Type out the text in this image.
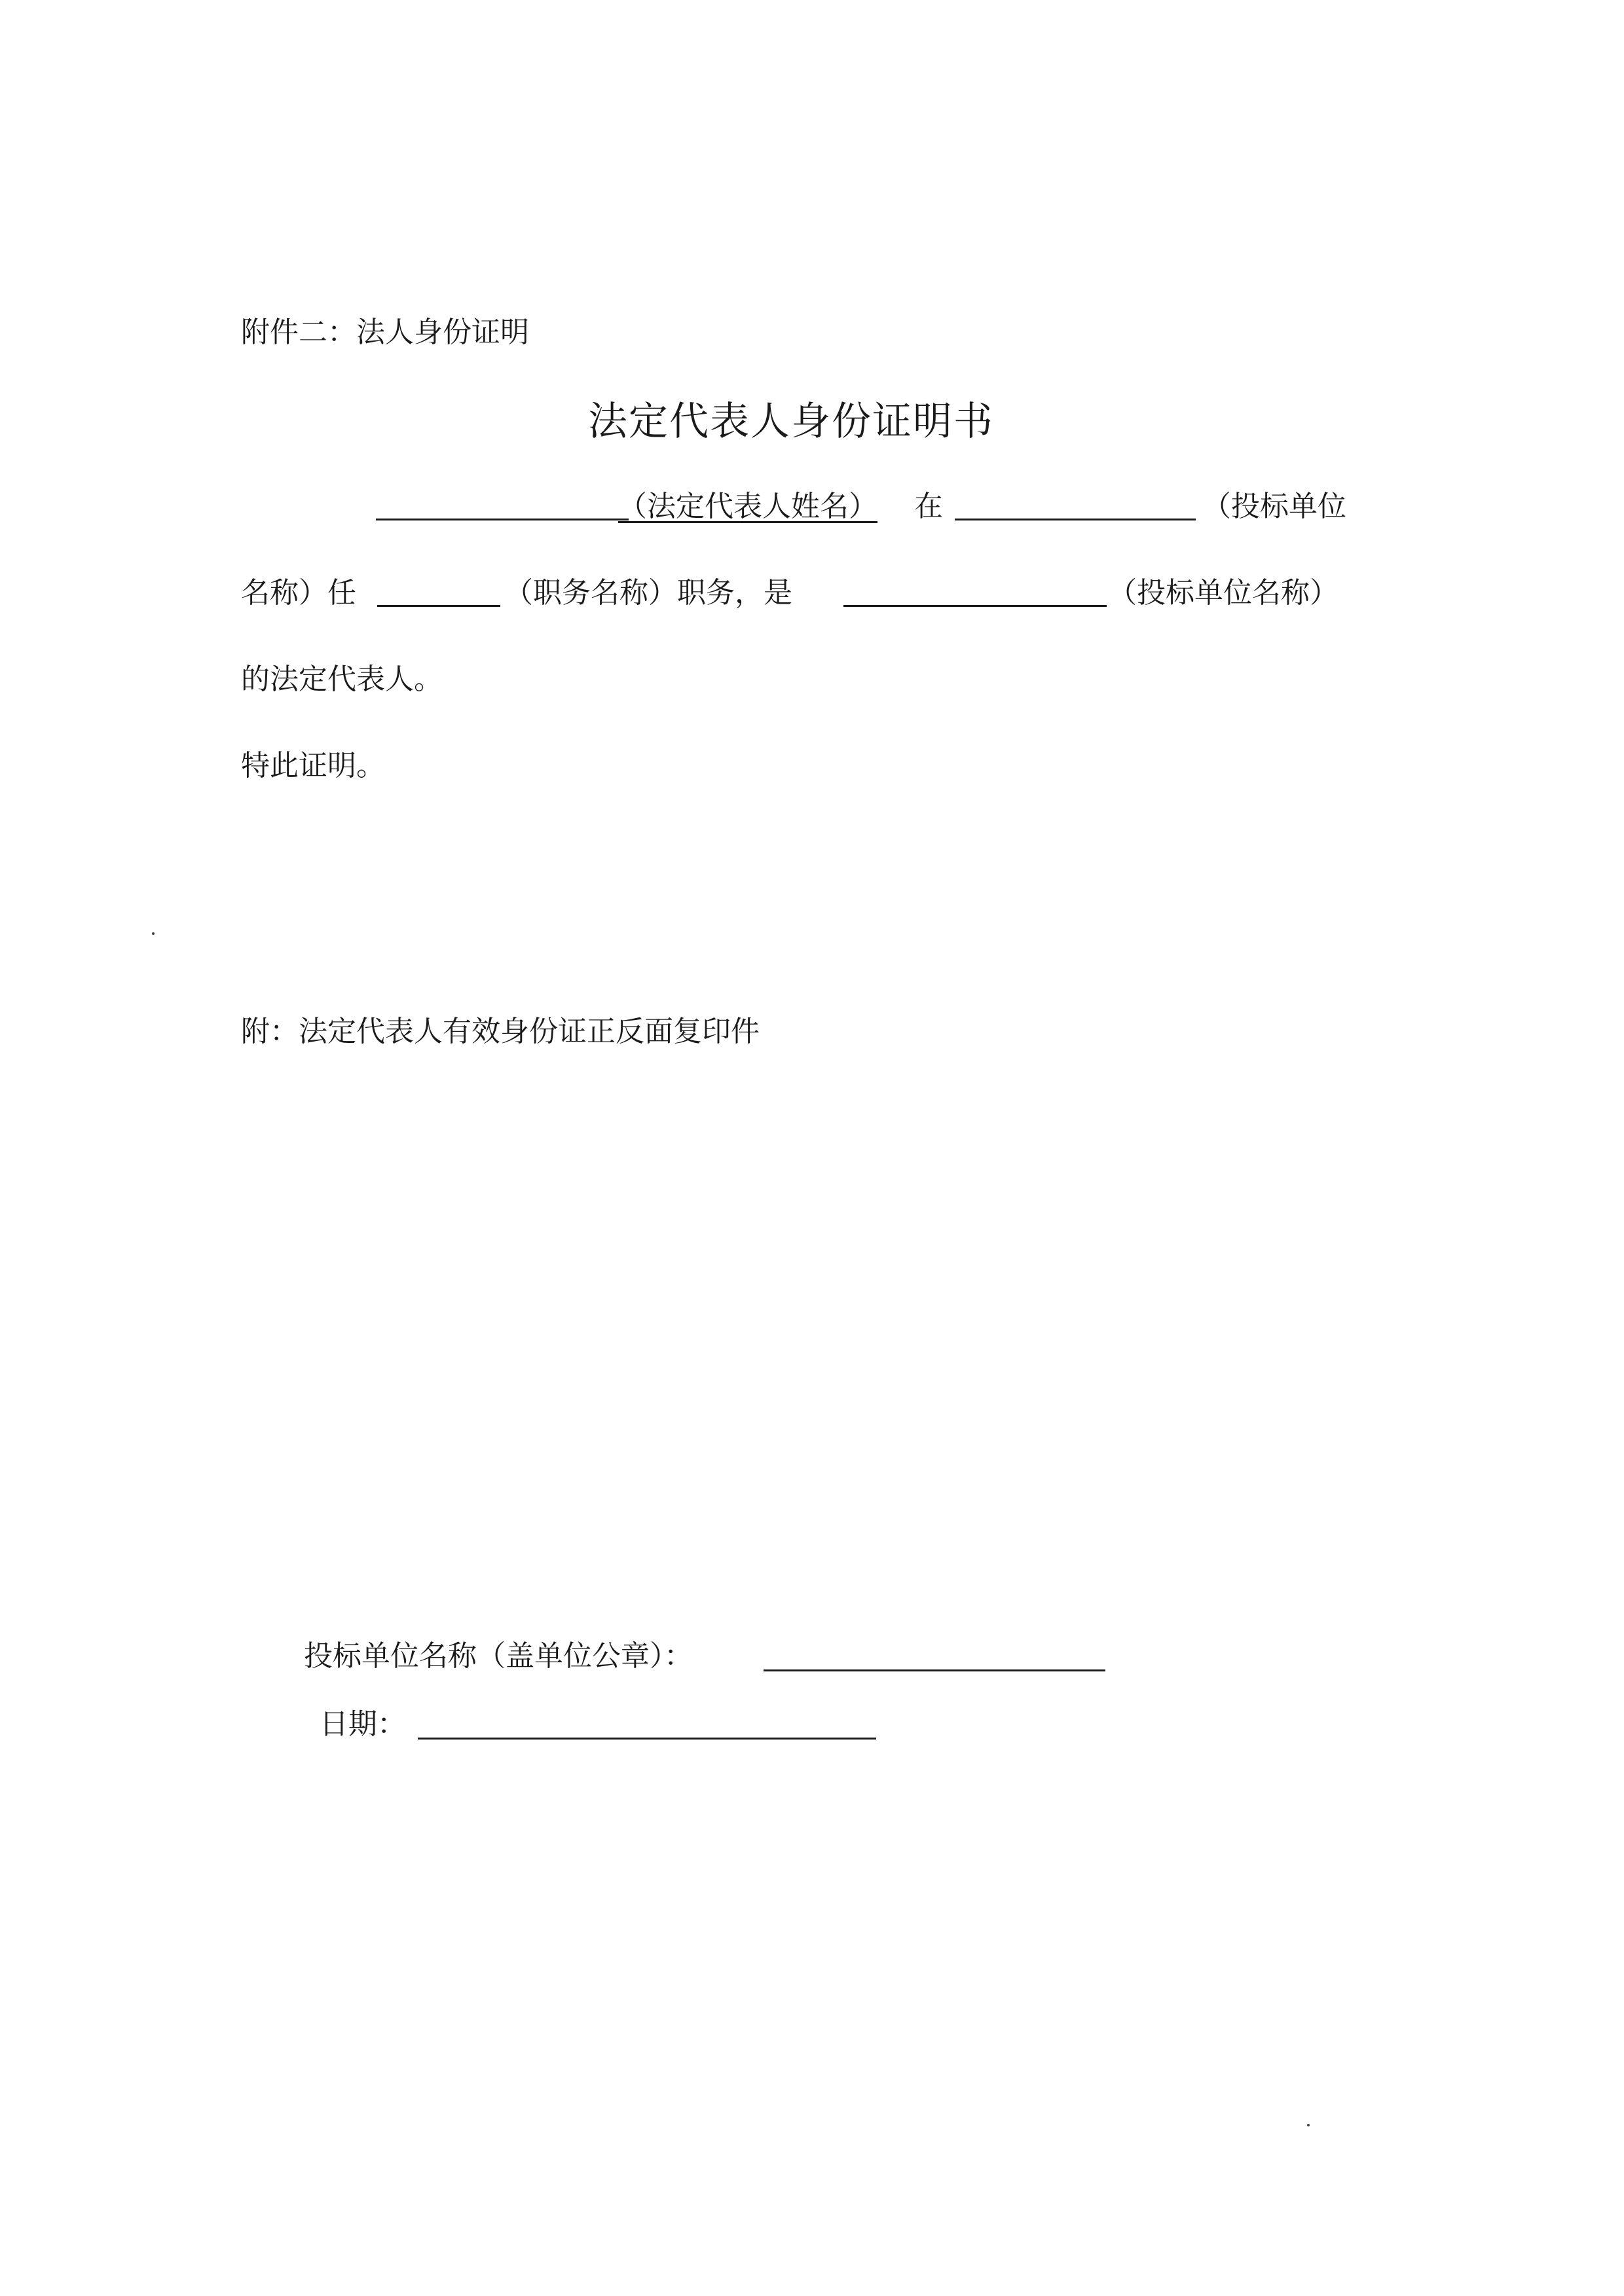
附件二：法人身份证明
法定代表人身份证明书
（法定代表人姓名） 在	（投标单位
名称）任	（职务名称）职务，是	（投标单位名称）
的法定代表人。
特此证明。
附：法定代表人有效身份证正反面复印件
投标单位名称（盖单位公章）：
日期：
